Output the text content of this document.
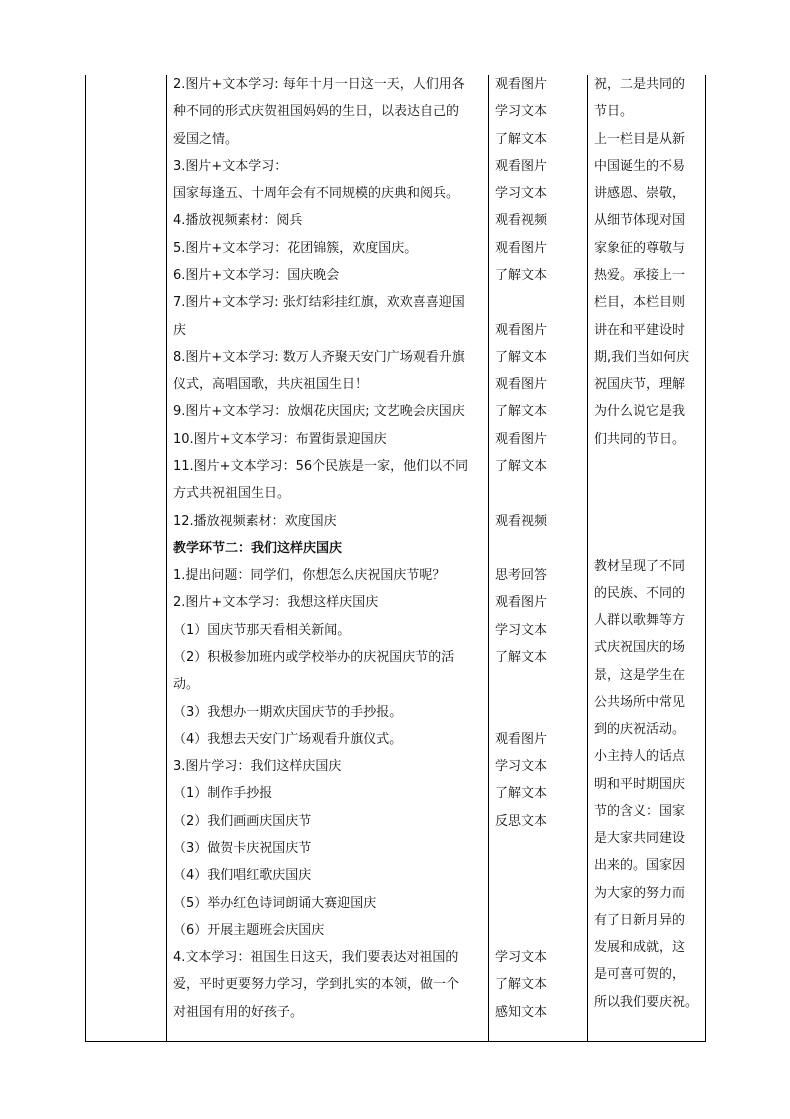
2.图片+文本学习: 每年十月一日这一天，人们用各
种不同的形式庆贺祖国妈妈的生日，以表达自己的
爱国之情。
3.图片+文本学习：
国家每逢五、十周年会有不同规模的庆典和阅兵。
4.播放视频素材：阅兵
5.图片+文本学习：花团锦簇，欢度国庆。
6.图片+文本学习：国庆晚会
7.图片+文本学习: 张灯结彩挂红旗，欢欢喜喜迎国
庆
8.图片+文本学习: 数万人齐聚天安门广场观看升旗
仪式，高唱国歌，共庆祖国生日！
9.图片+文本学习：放烟花庆国庆; 文艺晚会庆国庆
10.图片+文本学习：布置街景迎国庆
11.图片+文本学习：56个民族是一家，他们以不同
方式共祝祖国生日。
12.播放视频素材：欢度国庆
教学环节二：我们这样庆国庆
1.提出问题：同学们，你想怎么庆祝国庆节呢？
2.图片+文本学习：我想这样庆国庆
（1）国庆节那天看相关新闻。
（2）积极参加班内或学校举办的庆祝国庆节的活
动。
（3）我想办一期欢庆国庆节的手抄报。
（4）我想去天安门广场观看升旗仪式。
3.图片学习：我们这样庆国庆
（1）制作手抄报
（2）我们画画庆国庆节
（3）做贺卡庆祝国庆节
（4）我们唱红歌庆国庆
（5）举办红色诗词朗诵大赛迎国庆
（6）开展主题班会庆国庆
4.文本学习：祖国生日这天，我们要表达对祖国的
爱，平时更要努力学习，学到扎实的本领，做一个
对祖国有用的好孩子。
观看图片
学习文本
了解文本
观看图片
学习文本
观看视频
观看图片
了解文本
观看图片
了解文本
观看图片
了解文本
观看图片
了解文本
观看视频
思考回答
观看图片
学习文本
了解文本
观看图片
学习文本
了解文本
反思文本
学习文本
了解文本
感知文本
祝，二是共同的
节日。
上一栏目是从新
中国诞生的不易
讲感恩、崇敬，
从细节体现对国
家象征的尊敬与
热爱。承接上一
栏目，本栏目则
讲在和平建设时
期,我们当如何庆
祝国庆节，理解
为什么说它是我
们共同的节日。
教材呈现了不同
的民族、不同的
人群以歌舞等方
式庆祝国庆的场
景，这是学生在
公共场所中常见
到的庆祝活动。
小主持人的话点
明和平时期国庆
节的含义：国家
是大家共同建设
出来的。国家因
为大家的努力而
有了日新月异的
发展和成就，这
是可喜可贺的，
所以我们要庆祝。
